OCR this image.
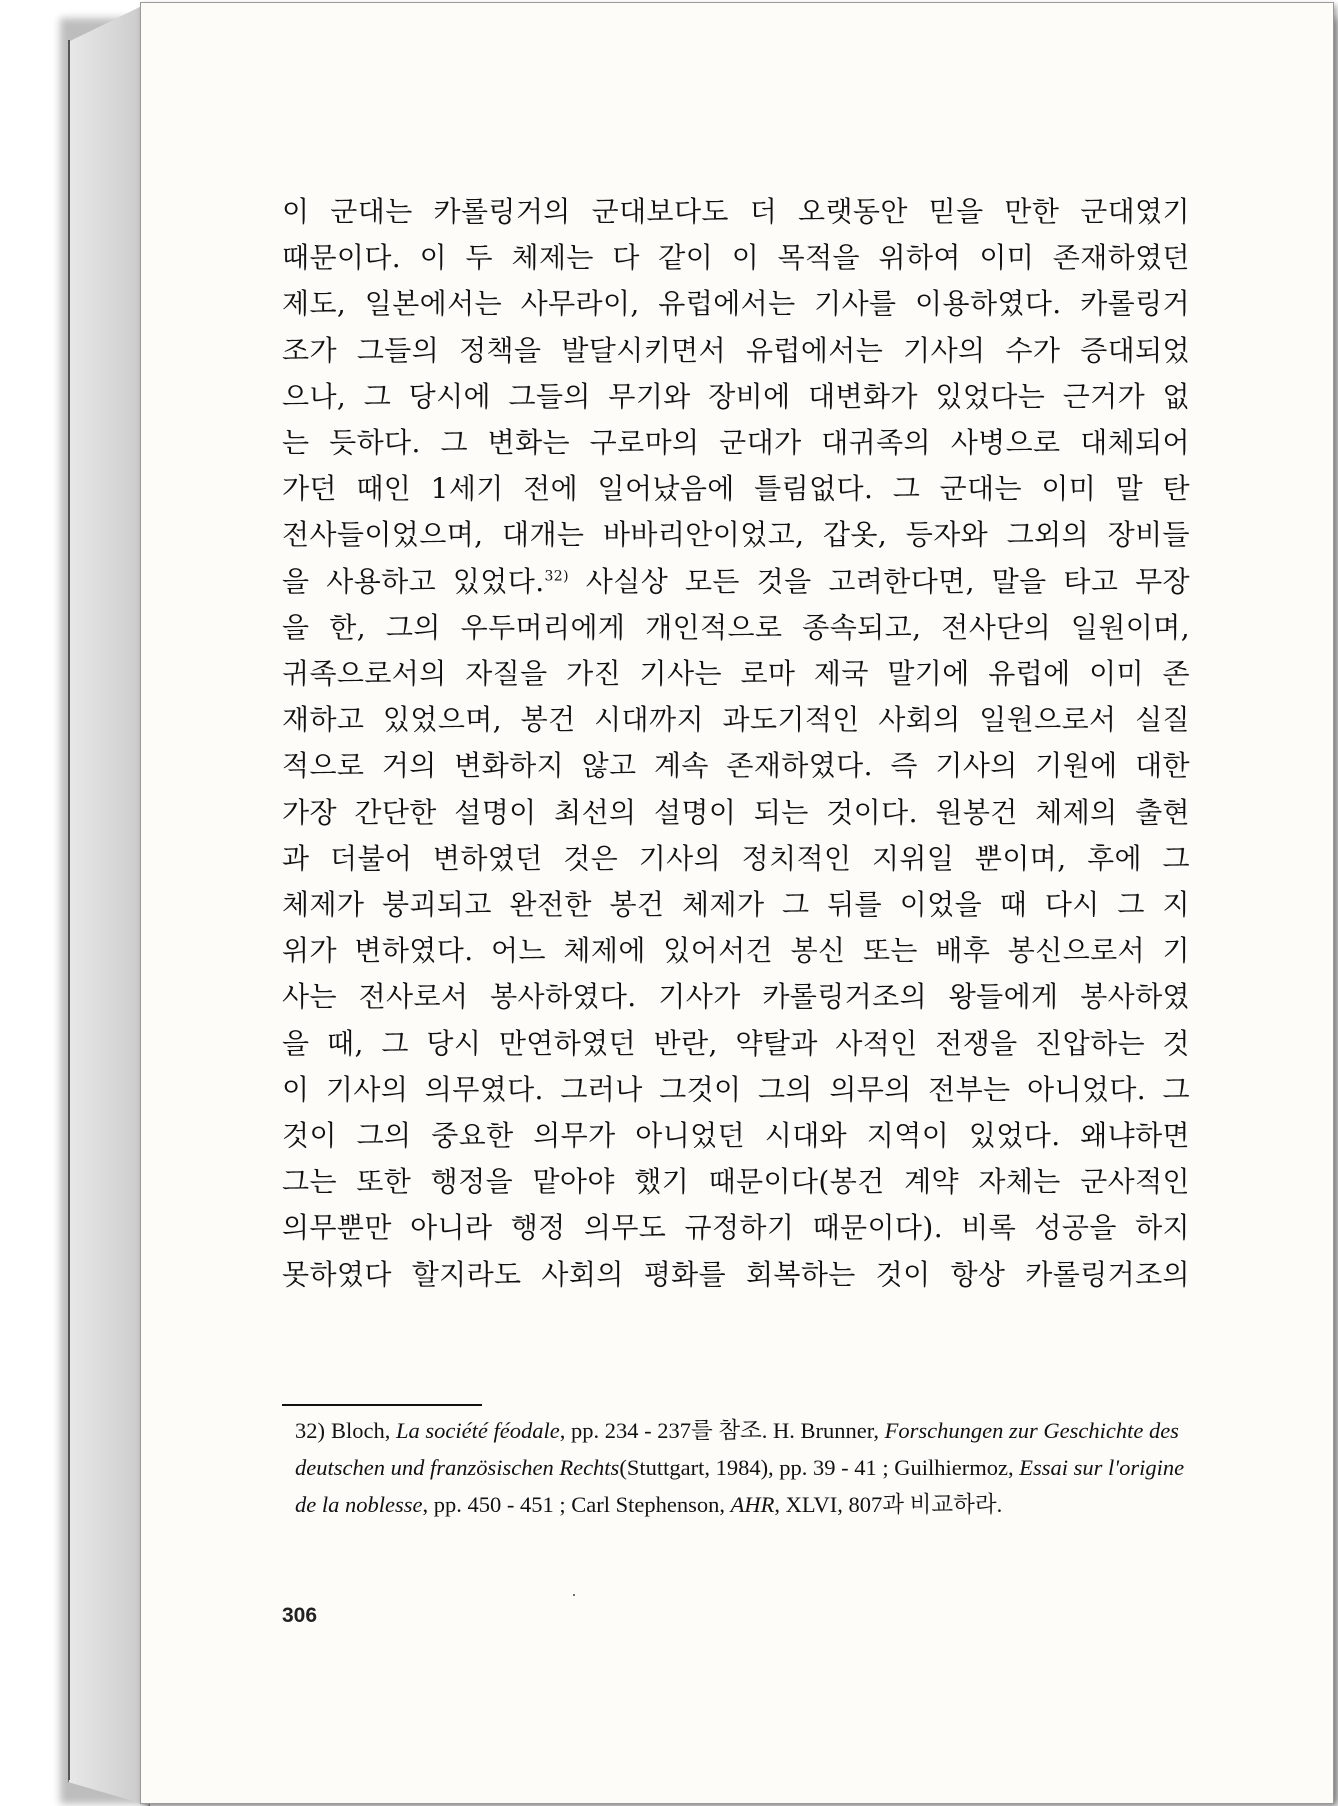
이 군대는 카롤링거의 군대보다도 더 오랫동안 믿을 만한 군대였기
때문이다. 이 두 체제는 다 같이 이 목적을 위하여 이미 존재하였던
제도, 일본에서는 사무라이, 유럽에서는 기사를 이용하였다. 카롤링거
조가 그들의 정책을 발달시키면서 유럽에서는 기사의 수가 증대되었
으나, 그 당시에 그들의 무기와 장비에 대변화가 있었다는 근거가 없
는 듯하다. 그 변화는 구로마의 군대가 대귀족의 사병으로 대체되어
가던 때인 1세기 전에 일어났음에 틀림없다. 그 군대는 이미 말 탄
전사들이었으며, 대개는 바바리안이었고, 갑옷, 등자와 그외의 장비들
을 사용하고 있었다.$^{32)}$ 사실상 모든 것을 고려한다면, 말을 타고 무장
을 한, 그의 우두머리에게 개인적으로 종속되고, 전사단의 일원이며,
귀족으로서의 자질을 가진 기사는 로마 제국 말기에 유럽에 이미 존
재하고 있었으며, 봉건 시대까지 과도기적인 사회의 일원으로서 실질
적으로 거의 변화하지 않고 계속 존재하였다. 즉 기사의 기원에 대한
가장 간단한 설명이 최선의 설명이 되는 것이다. 원봉건 체제의 출현
과 더불어 변하였던 것은 기사의 정치적인 지위일 뿐이며, 후에 그
체제가 붕괴되고 완전한 봉건 체제가 그 뒤를 이었을 때 다시 그 지
위가 변하였다. 어느 체제에 있어서건 봉신 또는 배후 봉신으로서 기
사는 전사로서 봉사하였다. 기사가 카롤링거조의 왕들에게 봉사하였
을 때, 그 당시 만연하였던 반란, 약탈과 사적인 전쟁을 진압하는 것
이 기사의 의무였다. 그러나 그것이 그의 의무의 전부는 아니었다. 그
것이 그의 중요한 의무가 아니었던 시대와 지역이 있었다. 왜냐하면
그는 또한 행정을 맡아야 했기 때문이다(봉건 계약 자체는 군사적인
의무뿐만 아니라 행정 의무도 규정하기 때문이다). 비록 성공을 하지
못하였다 할지라도 사회의 평화를 회복하는 것이 항상 카롤링거조의
32) Bloch, La société féodale, pp. 234 - 237를 참조. H. Brunner, Forschungen zur Geschichte des deutschen und französischen Rechts(Stuttgart, 1984), pp. 39 - 41 ; Guilhiermoz, Essai sur l'origine de la noblesse, pp. 450 - 451 ; Carl Stephenson, AHR, XLVI, 807과 비교하라.
306
